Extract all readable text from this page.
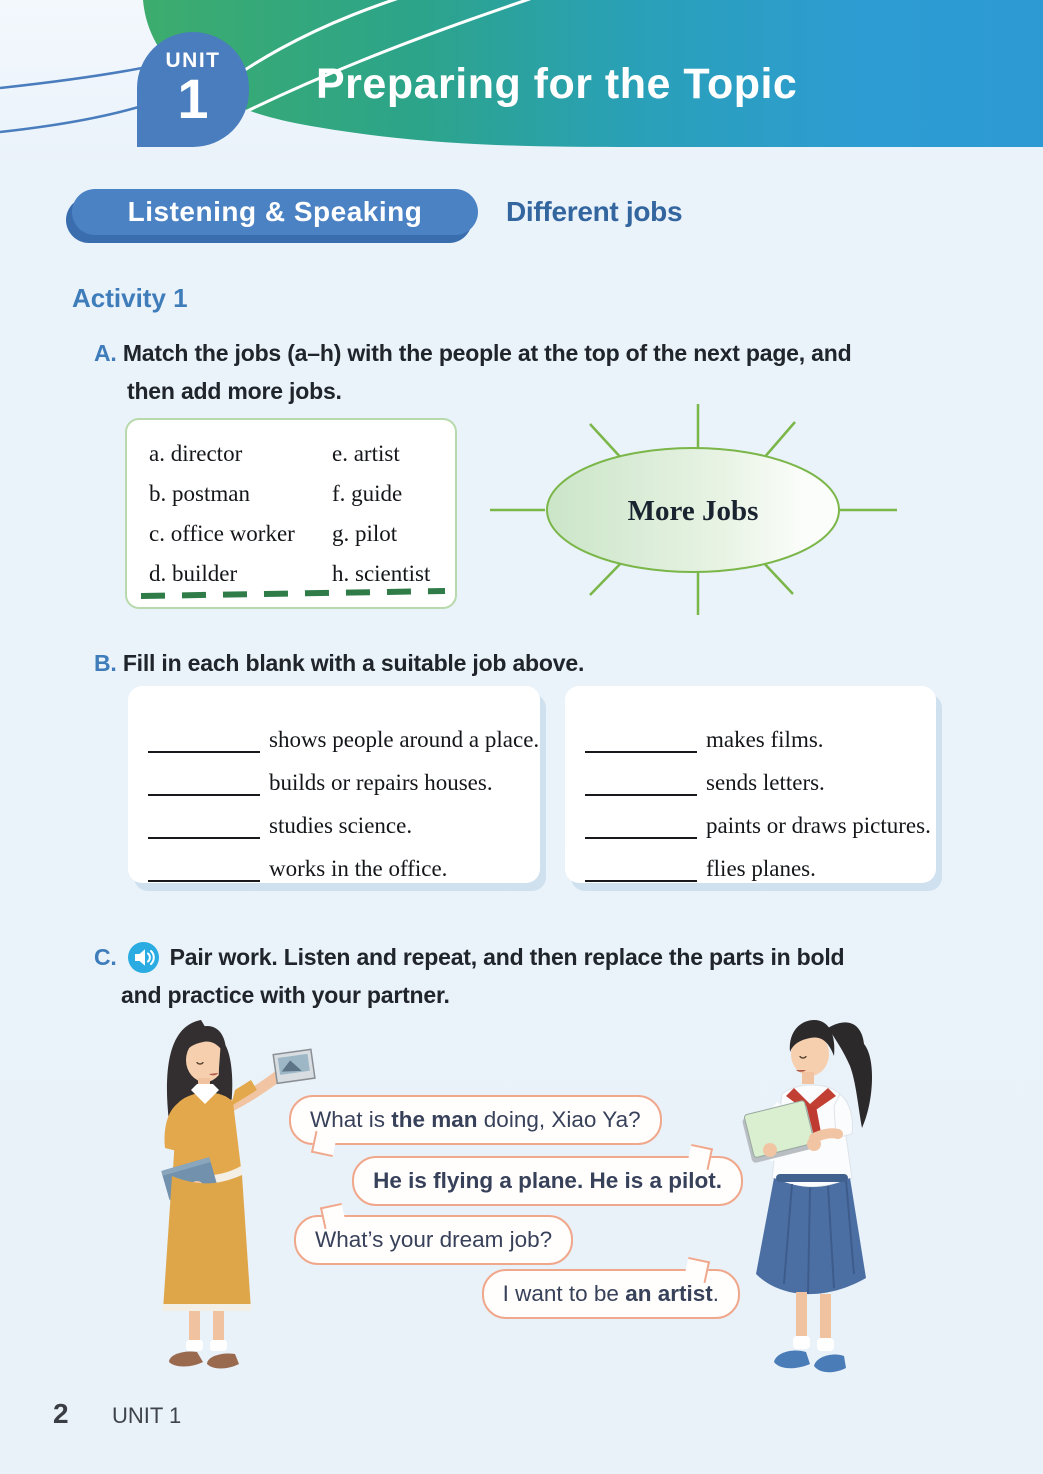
UNIT
1	Preparing for the Topic
Listening & Speaking	Different jobs
Activity 1
A. Match the jobs (a–h) with the people at the top of the next page, and
then add more jobs.
a. director	e. artist
b. postman	f. guide
c. office worker	g. pilot
d. builder	h. scientist
More Jobs
B. Fill in each blank with a suitable job above.
shows people around a place.
builds or repairs houses.
studies science.
works in the office.
makes films.
sends letters.
paints or draws pictures.
flies planes.
C. Pair work. Listen and repeat, and then replace the parts in bold
and practice with your partner.
What is the man doing, Xiao Ya?
He is flying a plane. He is a pilot.
What’s your dream job?
I want to be an artist.
2 UNIT 1
